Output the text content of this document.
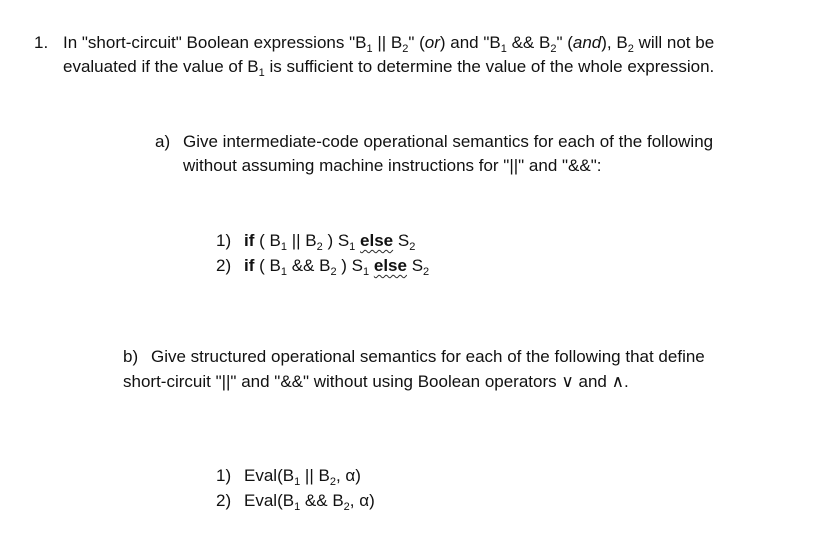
1. In "short-circuit" Boolean expressions "$B_1$ || $B_2$" (or) and "$B_1$ && $B_2$" (and), $B_2$ will not be
evaluated if the value of $B_1$ is sufficient to determine the value of the whole expression.
a) Give intermediate-code operational semantics for each of the following
without assuming machine instructions for "||" and "&&":
1) if ( $B_1$ || $B_2$ ) $S_1$ else $S_2$
2) if ( $B_1$ && $B_2$ ) $S_1$ else $S_2$
b) Give structured operational semantics for each of the following that define
short-circuit "||" and "&&" without using Boolean operators ∨ and ∧.
1) $Eval(B_1$ || $B_2$, α)
2) $Eval(B_1$ && $B_2$, α)
